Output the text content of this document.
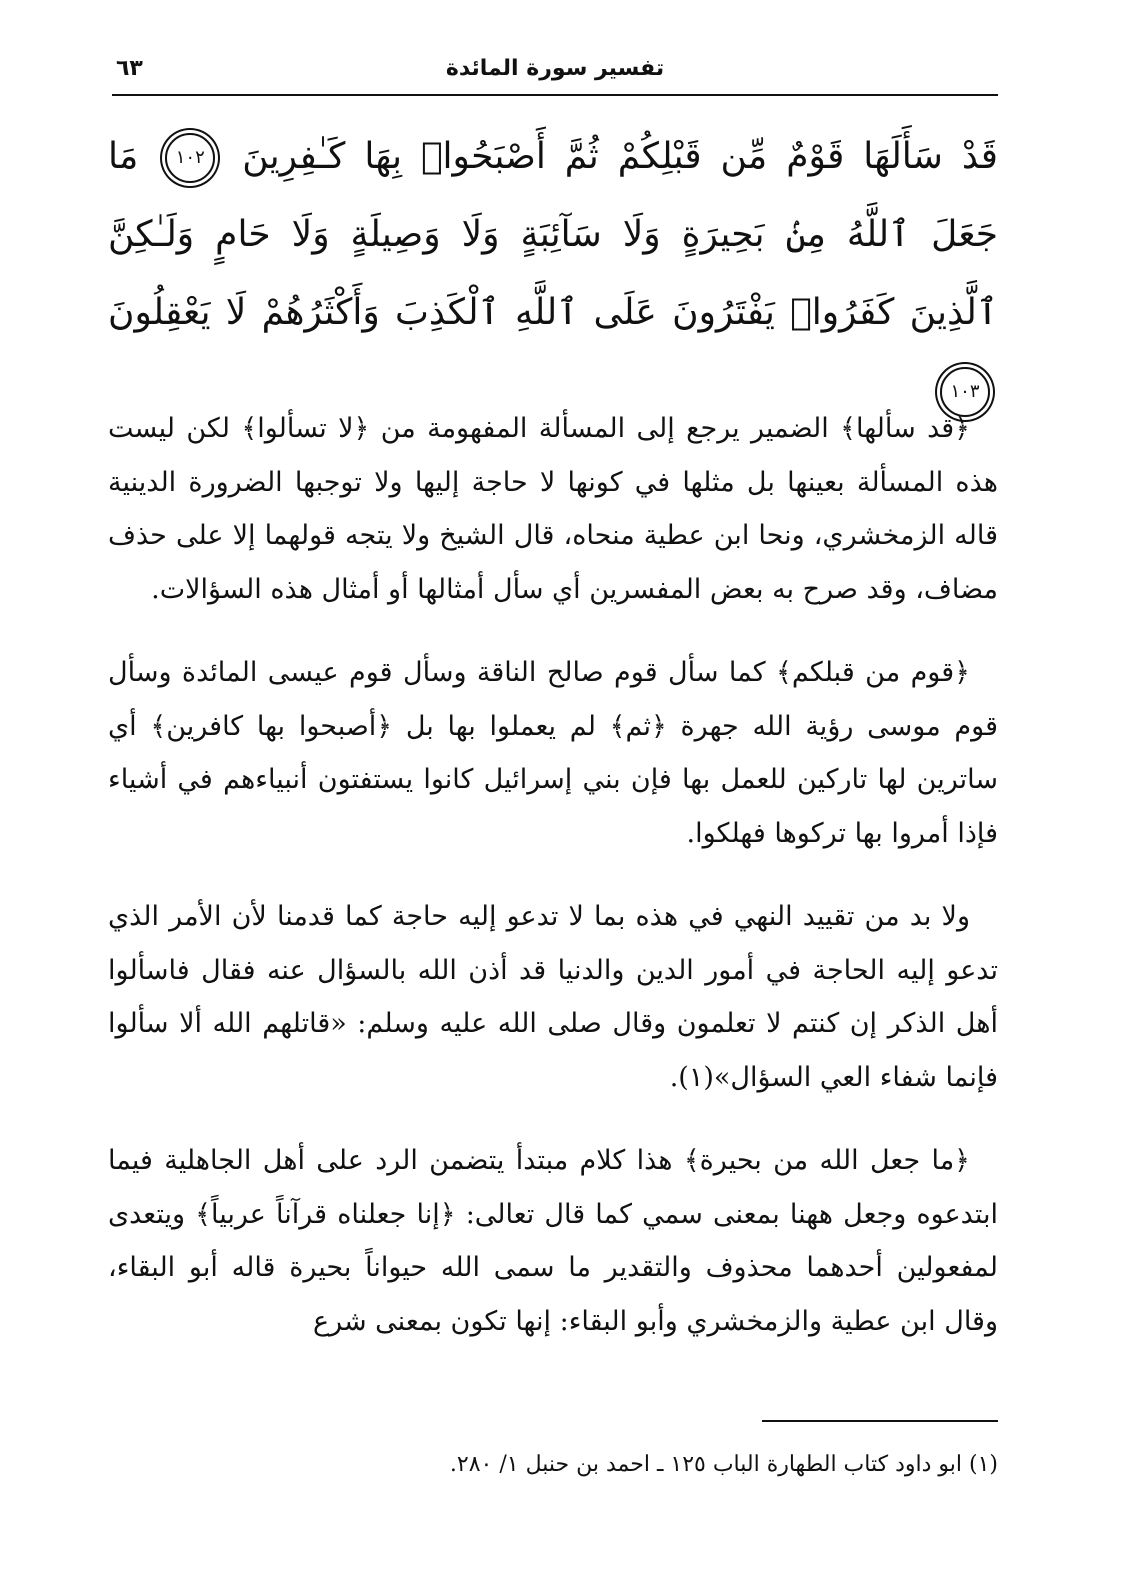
٦٣	تفسير سورة المائدة
قَدْ سَأَلَهَا قَوْمٌ مِّن قَبْلِكُمْ ثُمَّ أَصْبَحُوا۟ بِهَا كَـٰفِرِينَ ١٠٢ مَا جَعَلَ ٱللَّهُ مِنۢ بَحِيرَةٍ وَلَا سَآئِبَةٍ وَلَا وَصِيلَةٍ وَلَا حَامٍ وَلَـٰكِنَّ ٱلَّذِينَ كَفَرُوا۟ يَفْتَرُونَ عَلَى ٱللَّهِ ٱلْكَذِبَ وَأَكْثَرُهُمْ لَا يَعْقِلُونَ ١٠٣

﴿قد سألها﴾ الضمير يرجع إلى المسألة المفهومة من ﴿لا تسألوا﴾ لكن ليست هذه المسألة بعينها بل مثلها في كونها لا حاجة إليها ولا توجبها الضرورة الدينية قاله الزمخشري، ونحا ابن عطية منحاه، قال الشيخ ولا يتجه قولهما إلا على حذف مضاف، وقد صرح به بعض المفسرين أي سأل أمثالها أو أمثال هذه السؤالات.

﴿قوم من قبلكم﴾ كما سأل قوم صالح الناقة وسأل قوم عيسى المائدة وسأل قوم موسى رؤية الله جهرة ﴿ثم﴾ لم يعملوا بها بل ﴿أصبحوا بها كافرين﴾ أي ساترين لها تاركين للعمل بها فإن بني إسرائيل كانوا يستفتون أنبياءهم في أشياء فإذا أمروا بها تركوها فهلكوا.

ولا بد من تقييد النهي في هذه بما لا تدعو إليه حاجة كما قدمنا لأن الأمر الذي تدعو إليه الحاجة في أمور الدين والدنيا قد أذن الله بالسؤال عنه فقال فاسألوا أهل الذكر إن كنتم لا تعلمون وقال صلى الله عليه وسلم: «قاتلهم الله ألا سألوا فإنما شفاء العي السؤال»(١).

﴿ما جعل الله من بحيرة﴾ هذا كلام مبتدأ يتضمن الرد على أهل الجاهلية فيما ابتدعوه وجعل ههنا بمعنى سمي كما قال تعالى: ﴿إنا جعلناه قرآناً عربياً﴾ ويتعدى لمفعولين أحدهما محذوف والتقدير ما سمى الله حيواناً بحيرة قاله أبو البقاء، وقال ابن عطية والزمخشري وأبو البقاء: إنها تكون بمعنى شرع

(١) ابو داود كتاب الطهارة الباب ١٢٥ ـ احمد بن حنبل ١/ ٢٨٠.
